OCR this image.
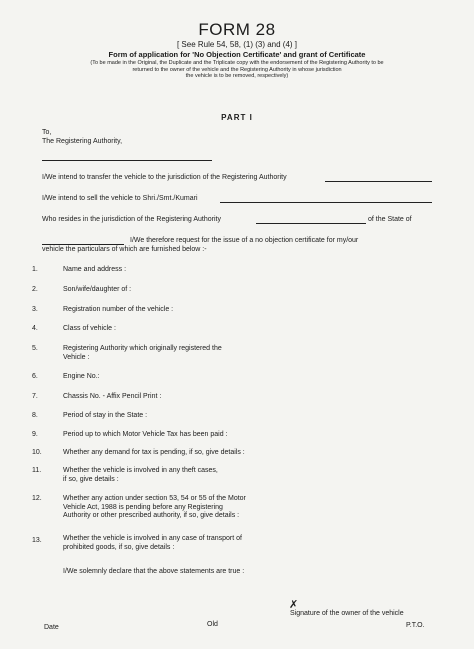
FORM 28
[ See Rule 54, 58, (1) (3) and (4) ]
Form of application for 'No Objection Certificate' and grant of Certificate
(To be made in the Original, the Duplicate and the Triplicate copy with the endorsement of the Registering Authority to be
returned to the owner of the vehicle and the Registering Authority in whose jurisdiction
the vehicle is to be removed, respectively)
PART I
To,
The Registering Authority,
I/We intend to transfer the vehicle to the jurisdiction of the Registering Authority
I/We intend to sell the vehicle to Shri./Smt./Kumari
Who resides in the jurisdiction of the Registering Authority	of the State of
I/We therefore request for the issue of a no objection certificate for my/our
vehicle the particulars of which are furnished below :-
1.	Name and address :
2.	Son/wife/daughter of :
3.	Registration number of the vehicle :
4.	Class of vehicle :
5.	Registering Authority which originally registered the
Vehicle :
6.	Engine No.:
7.	Chassis No. - Affix Pencil Print :
8.	Period of stay in the State :
9.	Period up to which Motor Vehicle Tax has been paid :
10.	Whether any demand for tax is pending, if so, give details :
11.	Whether the vehicle is involved in any theft cases,
if so, give details :
12.	Whether any action under section 53, 54 or 55 of the Motor
Vehicle Act, 1988 is pending before any Registering
Authority or other prescribed authority, if so, give details :
13.	Whether the vehicle is involved in any case of transport of
prohibited goods, if so, give details :
I/We solemnly declare that the above statements are true :
✗
Signature of the owner of the vehicle
Date	Old	P.T.O.
